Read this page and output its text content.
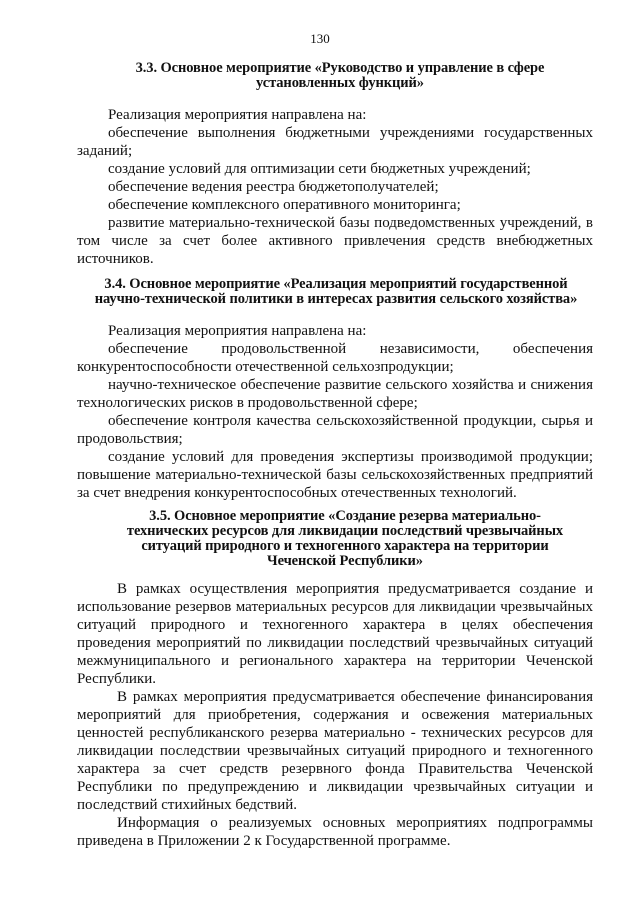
130
3.3. Основное мероприятие «Руководство и управление в сфере
установленных функций»
Реализация мероприятия направлена на:
обеспечение выполнения бюджетными учреждениями государственных заданий;
создание условий для оптимизации сети бюджетных учреждений;
обеспечение ведения реестра бюджетополучателей;
обеспечение комплексного оперативного мониторинга;
развитие материально-технической базы подведомственных учреждений, в том числе за счет более активного привлечения средств внебюджетных источников.
3.4. Основное мероприятие «Реализация мероприятий государственной
научно-технической политики в интересах развития сельского хозяйства»
Реализация мероприятия направлена на:
обеспечение продовольственной независимости, обеспечения конкурентоспособности отечественной сельхозпродукции;
научно-техническое обеспечение развитие сельского хозяйства и снижения технологических рисков в продовольственной сфере;
обеспечение контроля качества сельскохозяйственной продукции, сырья и продовольствия;
создание условий для проведения экспертизы производимой продукции; повышение материально-технической базы сельскохозяйственных предприятий за счет внедрения конкурентоспособных отечественных технологий.
3.5. Основное мероприятие «Создание резерва материально-
технических ресурсов для ликвидации последствий чрезвычайных
ситуаций природного и техногенного характера на территории
Чеченской Республики»
В рамках осуществления мероприятия предусматривается создание и использование резервов материальных ресурсов для ликвидации чрезвычайных ситуаций природного и техногенного характера в целях обеспечения проведения мероприятий по ликвидации последствий чрезвычайных ситуаций межмуниципального и регионального характера на территории Чеченской Республики.
В рамках мероприятия предусматривается обеспечение финансирования мероприятий для приобретения, содержания и освежения материальных ценностей республиканского резерва материально - технических ресурсов для ликвидации последствии чрезвычайных ситуаций природного и техногенного характера за счет средств резервного фонда Правительства Чеченской Республики по предупреждению и ликвидации чрезвычайных ситуации и последствий стихийных бедствий.
Информация о реализуемых основных мероприятиях подпрограммы приведена в Приложении 2 к Государственной программе.
